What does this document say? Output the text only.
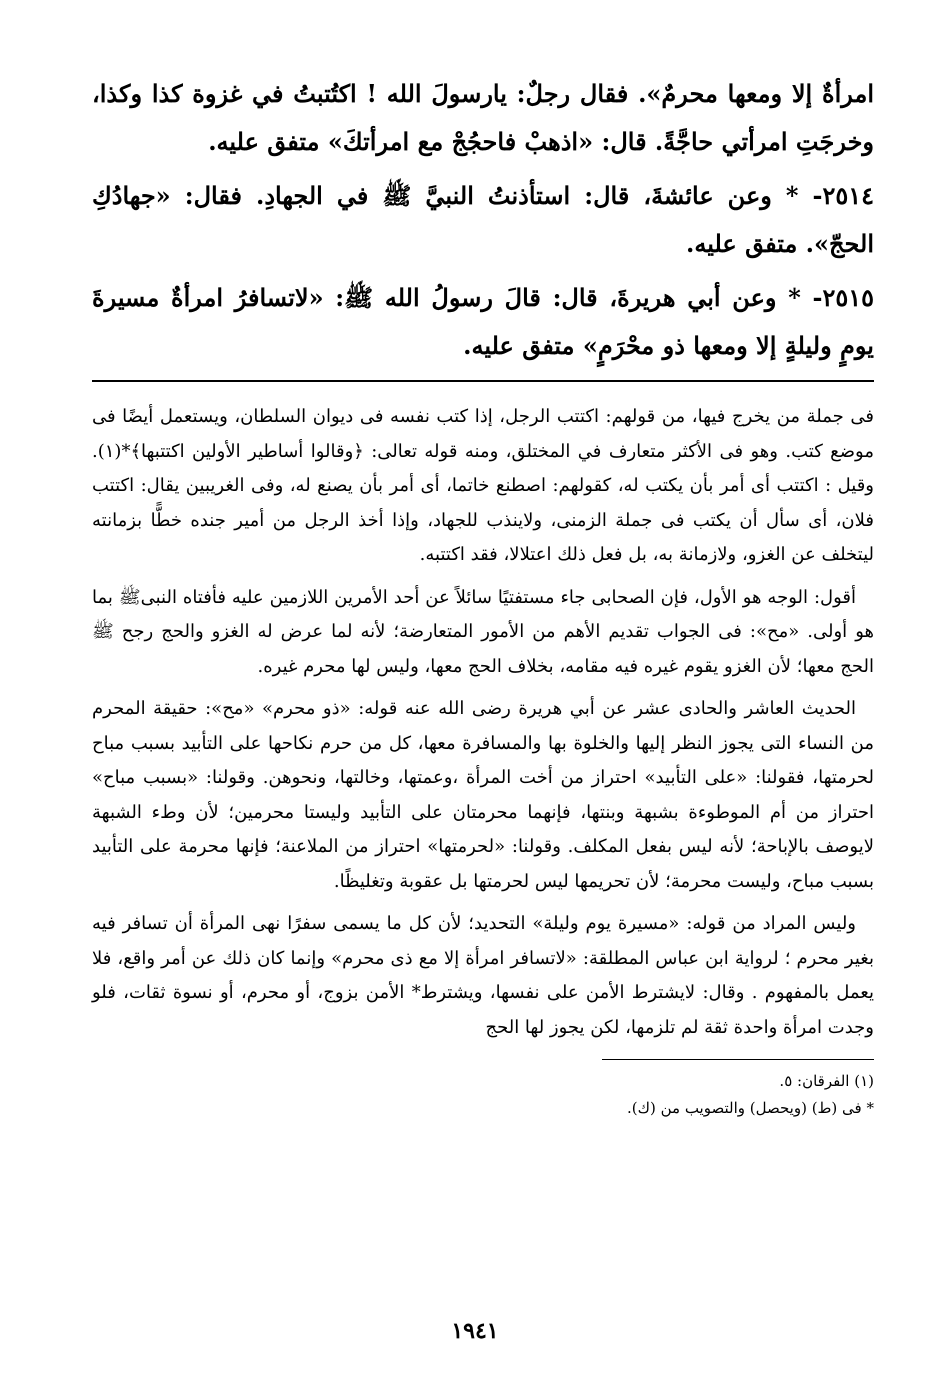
امرأةٌ إلا ومعها محرمٌ». فقال رجلٌ: يارسولَ الله ! اكتُتبتُ في غزوة كذا وكذا، وخرجَتِ امرأتي حاجَّةً. قال: «اذهبْ فاحجُجْ مع امرأتكَ» متفق عليه.

٢٥١٤- * وعن عائشةَ، قال: استأذنتُ النبيَّ ﷺ في الجهادِ. فقال: «جهادُكِ الحجّ». متفق عليه.

٢٥١٥- * وعن أبي هريرةَ، قال: قالَ رسولُ الله ﷺ: «لاتسافرُ امرأةٌ مسيرةَ يومٍ وليلةٍ إلا ومعها ذو محْرَمٍ» متفق عليه.

فى جملة من يخرج فيها، من قولهم: اكتتب الرجل، إذا كتب نفسه فى ديوان السلطان، ويستعمل أيضًا فى موضع كتب. وهو فى الأكثر متعارف في المختلق، ومنه قوله تعالى: ﴿وقالوا أساطير الأولين اكتتبها﴾*(١). وقيل : اكتتب أى أمر بأن يكتب له، كقولهم: اصطنع خاتما، أى أمر بأن يصنع له، وفى الغريبين يقال: اكتتب فلان، أى سأل أن يكتب فى جملة الزمنى، ولاينذب للجهاد، وإذا أخذ الرجل من أمير جنده خطًّا بزمانته ليتخلف عن الغزو، ولازمانة به، بل فعل ذلك اعتلالا، فقد اكتتبه.

أقول: الوجه هو الأول، فإن الصحابى جاء مستفتيًا سائلاً عن أحد الأمرين اللازمين عليه فأفتاه النبىﷺ بما هو أولى. «مح»: فى الجواب تقديم الأهم من الأمور المتعارضة؛ لأنه لما عرض له الغزو والحج رجح ﷺ الحج معها؛ لأن الغزو يقوم غيره فيه مقامه، بخلاف الحج معها، وليس لها محرم غيره.

الحديث العاشر والحادى عشر عن أبي هريرة رضى الله عنه قوله: «ذو محرم» «مح»: حقيقة المحرم من النساء التى يجوز النظر إليها والخلوة بها والمسافرة معها، كل من حرم نكاحها على التأبيد بسبب مباح لحرمتها، فقولنا: «على التأبيد» احتراز من أخت المرأة ،وعمتها، وخالتها، ونحوهن. وقولنا: «بسبب مباح» احتراز من أم الموطوءة بشبهة وبنتها، فإنهما محرمتان على التأبيد وليستا محرمين؛ لأن وطء الشبهة لايوصف بالإباحة؛ لأنه ليس بفعل المكلف. وقولنا: «لحرمتها» احتراز من الملاعنة؛ فإنها محرمة على التأبيد بسبب مباح، وليست محرمة؛ لأن تحريمها ليس لحرمتها بل عقوبة وتغليظًا.

وليس المراد من قوله: «مسيرة يوم وليلة» التحديد؛ لأن كل ما يسمى سفرًا نهى المرأة أن تسافر فيه بغير محرم ؛ لرواية ابن عباس المطلقة: «لاتسافر امرأة إلا مع ذى محرم» وإنما كان ذلك عن أمر واقع، فلا يعمل بالمفهوم . وقال: لايشترط الأمن على نفسها، ويشترط* الأمن بزوج، أو محرم، أو نسوة ثقات، فلو وجدت امرأة واحدة ثقة لم تلزمها، لكن يجوز لها الحج

(١) الفرقان: ٥.

* فى (ط) (ويحصل) والتصويب من (ك).

١٩٤١
